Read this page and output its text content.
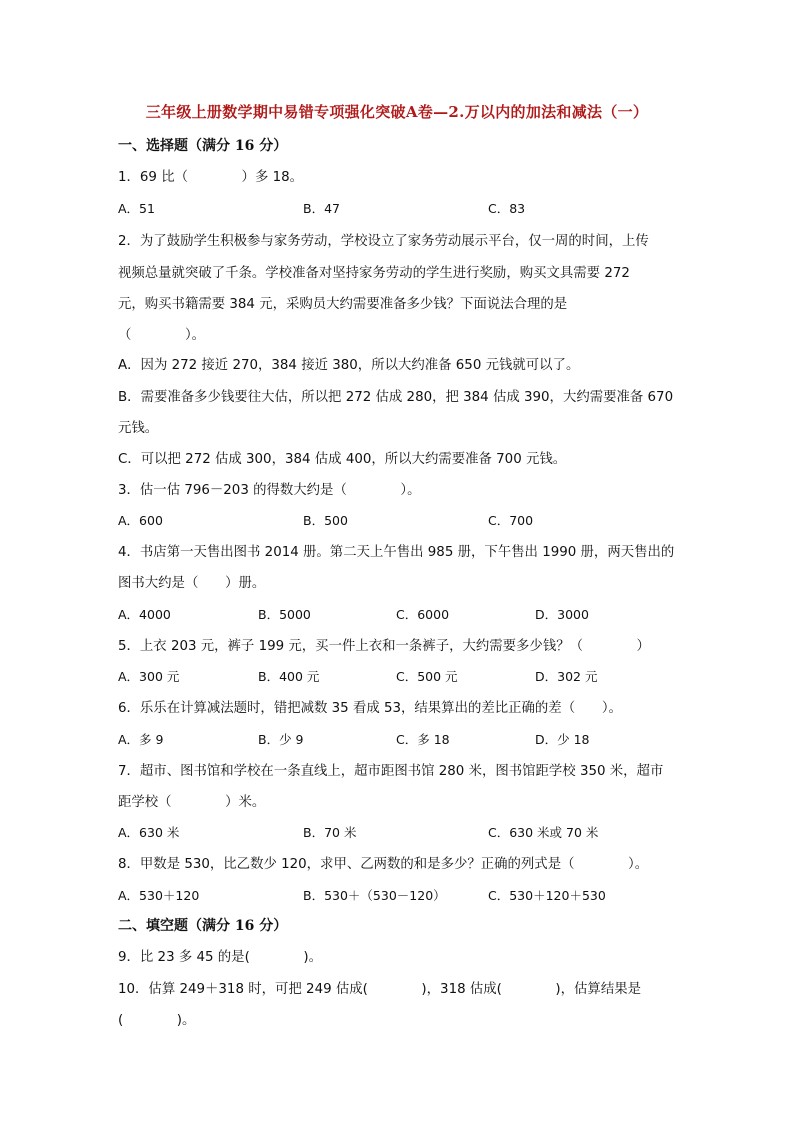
三年级上册数学期中易错专项强化突破A卷—2.万以内的加法和减法（一）
一、选择题（满分 16 分）
1．69 比（　　　　）多 18。
A．51	B．47	C．83
2．为了鼓励学生积极参与家务劳动，学校设立了家务劳动展示平台，仅一周的时间，上传
视频总量就突破了千条。学校准备对坚持家务劳动的学生进行奖励，购买文具需要 272
元，购买书籍需要 384 元，采购员大约需要准备多少钱？下面说法合理的是
（　　　　）。
A．因为 272 接近 270，384 接近 380，所以大约准备 650 元钱就可以了。
B．需要准备多少钱要往大估，所以把 272 估成 280，把 384 估成 390，大约需要准备 670
元钱。
C．可以把 272 估成 300，384 估成 400，所以大约需要准备 700 元钱。
3．估一估 796－203 的得数大约是（　　　　）。
A．600	B．500	C．700
4．书店第一天售出图书 2014 册。第二天上午售出 985 册，下午售出 1990 册，两天售出的
图书大约是（　　）册。
A．4000	B．5000	C．6000	D．3000
5．上衣 203 元，裤子 199 元，买一件上衣和一条裤子，大约需要多少钱？（　　　　）
A．300 元	B．400 元	C．500 元	D．302 元
6．乐乐在计算减法题时，错把减数 35 看成 53，结果算出的差比正确的差（　　）。
A．多 9	B．少 9	C．多 18	D．少 18
7．超市、图书馆和学校在一条直线上，超市距图书馆 280 米，图书馆距学校 350 米，超市
距学校（　　　　）米。
A．630 米	B．70 米	C．630 米或 70 米
8．甲数是 530，比乙数少 120，求甲、乙两数的和是多少？正确的列式是（　　　　）。
A．530＋120	B．530＋（530－120）	C．530＋120＋530
二、填空题（满分 16 分）
9．比 23 多 45 的是(　　　　)。
10．估算 249＋318 时，可把 249 估成(　　　　)，318 估成(　　　　)，估算结果是
(　　　　)。
